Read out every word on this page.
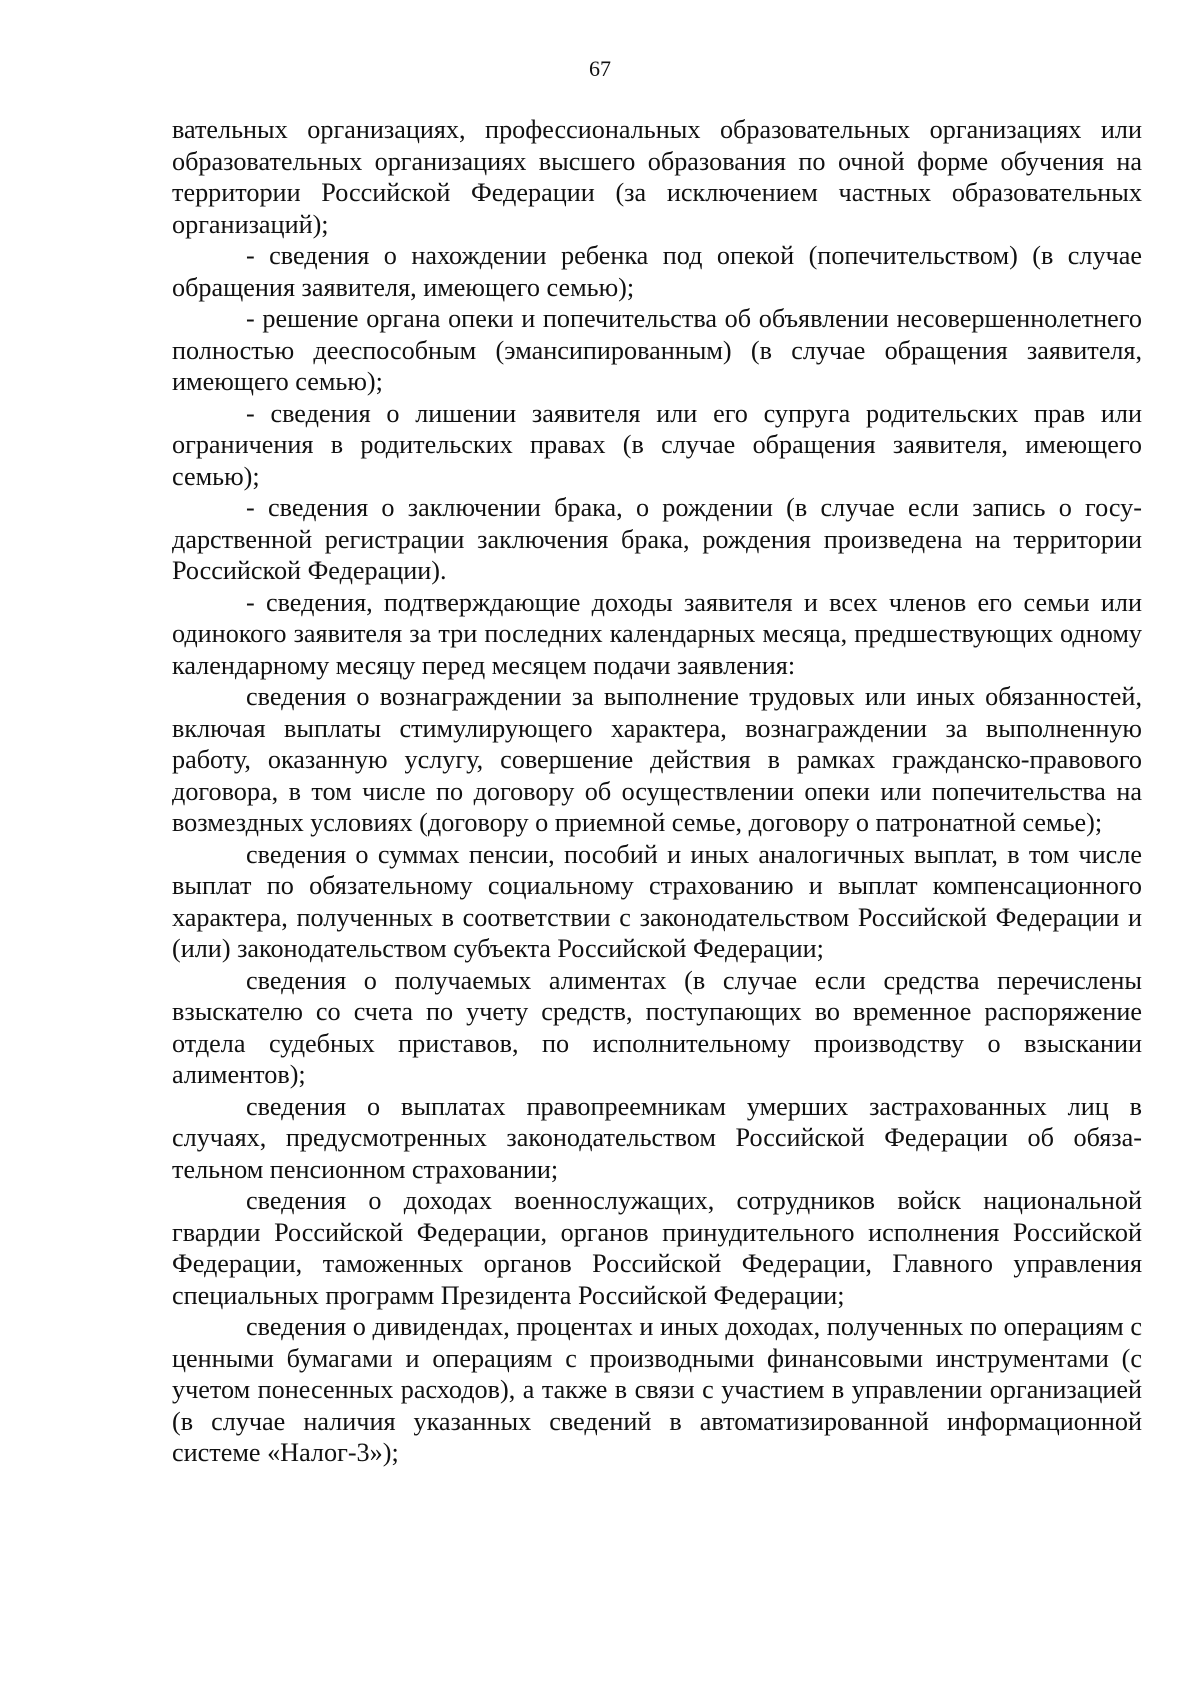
67

вательных организациях, профессиональных образовательных организациях или образовательных организациях высшего образования по очной форме обучения на территории Российской Федерации (за исключением частных образовательных организаций);

- сведения о нахождении ребенка под опекой (попечительством) (в случае обращения заявителя, имеющего семью);

- решение органа опеки и попечительства об объявлении несовершеннолетнего полностью дееспособным (эмансипированным) (в случае обращения заявителя, имеющего семью);

- сведения о лишении заявителя или его супруга родительских прав или ограничения в родительских правах (в случае обращения заявителя, имеющего семью);

- сведения о заключении брака, о рождении (в случае если запись о государственной регистрации заключения брака, рождения произведена на территории Российской Федерации).

- сведения, подтверждающие доходы заявителя и всех членов его семьи или одинокого заявителя за три последних календарных месяца, предшествующих одному календарному месяцу перед месяцем подачи заявления:

сведения о вознаграждении за выполнение трудовых или иных обязанностей, включая выплаты стимулирующего характера, вознаграждении за выполненную работу, оказанную услугу, совершение действия в рамках гражданско-правового договора, в том числе по договору об осуществлении опеки или попечительства на возмездных условиях (договору о приемной семье, договору о патронатной семье);

сведения о суммах пенсии, пособий и иных аналогичных выплат, в том числе выплат по обязательному социальному страхованию и выплат компенсационного характера, полученных в соответствии с законодательством Российской Федерации и (или) законодательством субъекта Российской Федерации;

сведения о получаемых алиментах (в случае если средства перечислены взыскателю со счета по учету средств, поступающих во временное распоряжение отдела судебных приставов, по исполнительному производству о взыскании алиментов);

сведения о выплатах правопреемникам умерших застрахованных лиц в случаях, предусмотренных законодательством Российской Федерации об обязательном пенсионном страховании;

сведения о доходах военнослужащих, сотрудников войск национальной гвардии Российской Федерации, органов принудительного исполнения Российской Федерации, таможенных органов Российской Федерации, Главного управления специальных программ Президента Российской Федерации;

сведения о дивидендах, процентах и иных доходах, полученных по операциям с ценными бумагами и операциям с производными финансовыми инструментами (с учетом понесенных расходов), а также в связи с участием в управлении организацией (в случае наличия указанных сведений в автоматизированной информационной системе «Налог-3»);
